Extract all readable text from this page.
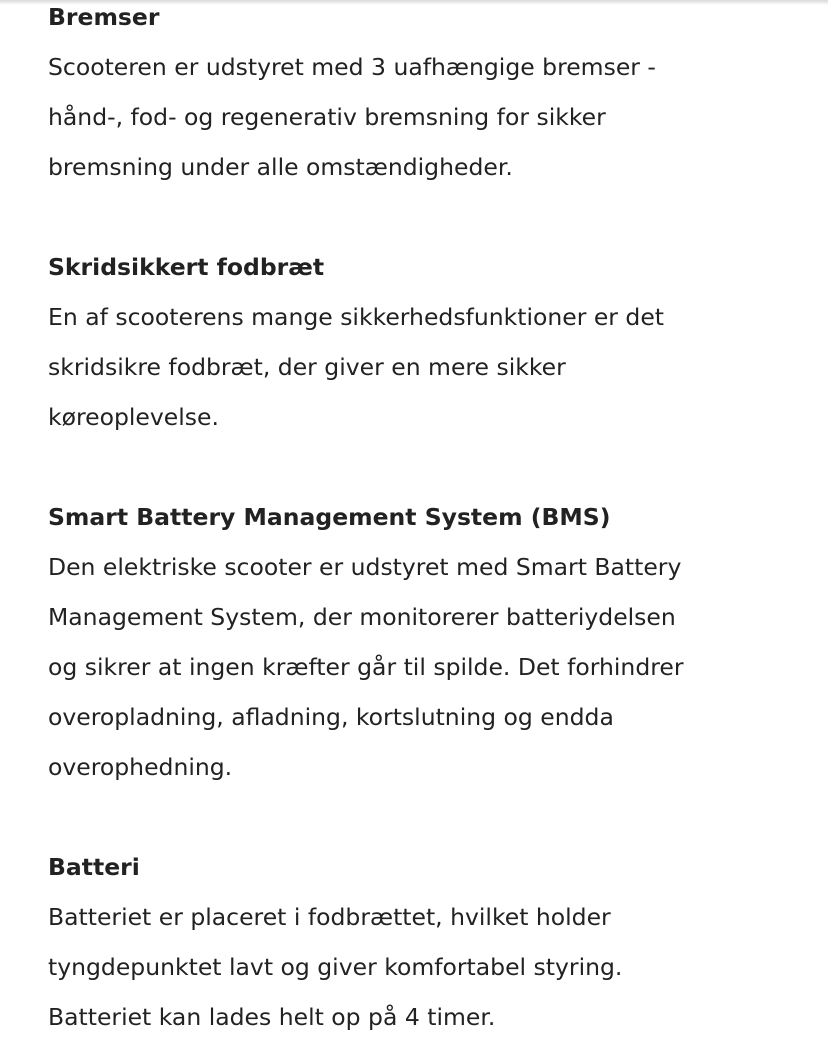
Bremser
Scooteren er udstyret med 3 uafhængige bremser -
hånd-, fod- og regenerativ bremsning for sikker
bremsning under alle omstændigheder.
Skridsikkert fodbræt
En af scooterens mange sikkerhedsfunktioner er det
skridsikre fodbræt, der giver en mere sikker
køreoplevelse.
Smart Battery Management System (BMS)
Den elektriske scooter er udstyret med Smart Battery
Management System, der monitorerer batteriydelsen
og sikrer at ingen kræfter går til spilde. Det forhindrer
overopladning, afladning, kortslutning og endda
overophedning.
Batteri
Batteriet er placeret i fodbrættet, hvilket holder
tyngdepunktet lavt og giver komfortabel styring.
Batteriet kan lades helt op på 4 timer.
